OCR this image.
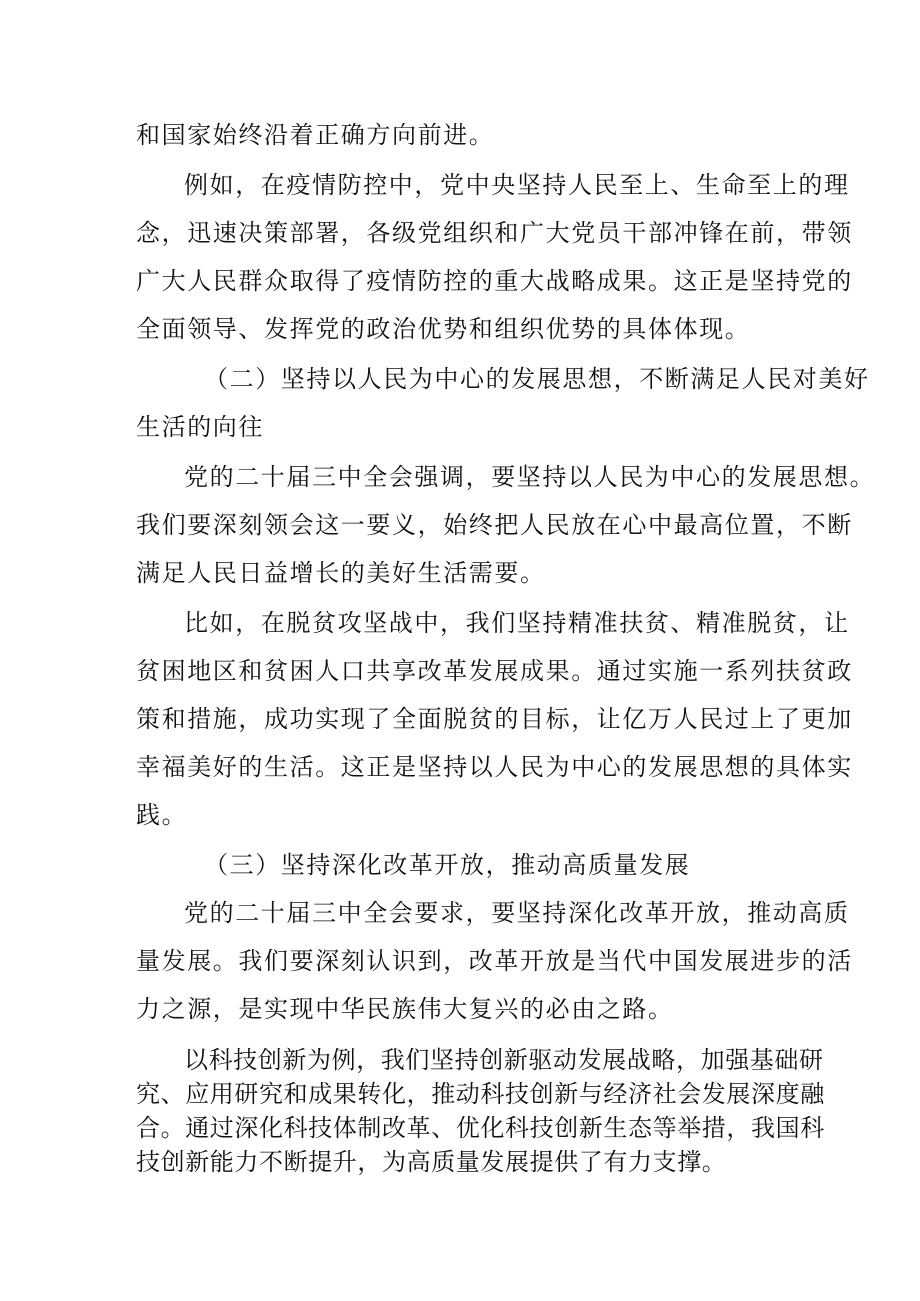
和国家始终沿着正确方向前进。
例如，在疫情防控中，党中央坚持人民至上、生命至上的理
念，迅速决策部署，各级党组织和广大党员干部冲锋在前，带领
广大人民群众取得了疫情防控的重大战略成果。这正是坚持党的
全面领导、发挥党的政治优势和组织优势的具体体现。
（二）坚持以人民为中心的发展思想，不断满足人民对美好
生活的向往
党的二十届三中全会强调，要坚持以人民为中心的发展思想。
我们要深刻领会这一要义，始终把人民放在心中最高位置，不断
满足人民日益增长的美好生活需要。
比如，在脱贫攻坚战中，我们坚持精准扶贫、精准脱贫，让
贫困地区和贫困人口共享改革发展成果。通过实施一系列扶贫政
策和措施，成功实现了全面脱贫的目标，让亿万人民过上了更加
幸福美好的生活。这正是坚持以人民为中心的发展思想的具体实
践。
（三）坚持深化改革开放，推动高质量发展
党的二十届三中全会要求，要坚持深化改革开放，推动高质
量发展。我们要深刻认识到，改革开放是当代中国发展进步的活
力之源，是实现中华民族伟大复兴的必由之路。
以科技创新为例，我们坚持创新驱动发展战略，加强基础研
究、应用研究和成果转化，推动科技创新与经济社会发展深度融
合。通过深化科技体制改革、优化科技创新生态等举措，我国科
技创新能力不断提升，为高质量发展提供了有力支撑。
